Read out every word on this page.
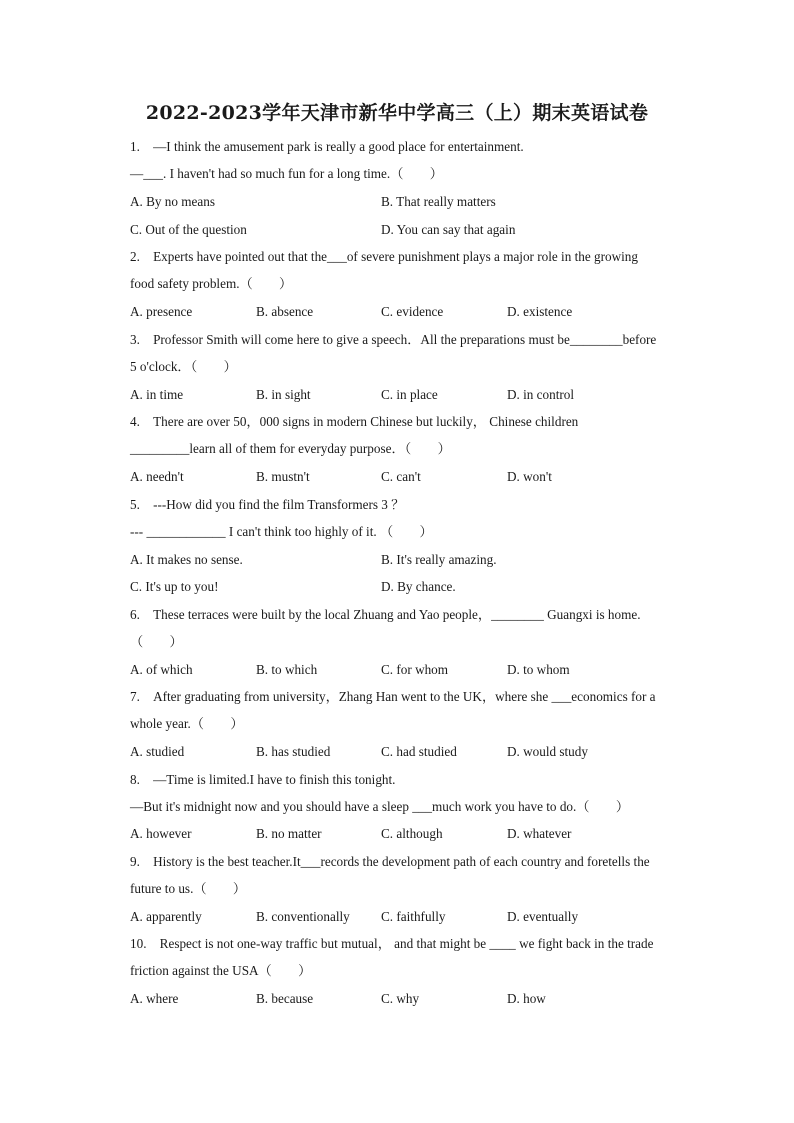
2022-2023学年天津市新华中学高三（上）期末英语试卷
1.　—I think the amusement park is really a good place for entertainment.
—___. I haven't had so much fun for a long time.（　　）
A. By no means	B. That really matters
C. Out of the question	D. You can say that again
2.　Experts have pointed out that the___of severe punishment plays a major role in the growing
food safety problem.（　　）
A. presence	B. absence	C. evidence	D. existence
3.　Professor Smith will come here to give a speech．All the preparations must be________before
5 o'clock．（　　）
A. in time	B. in sight	C. in place	D. in control
4.　There are over 50，000 signs in modern Chinese but luckily， Chinese children
_________learn all of them for everyday purpose．（　　）
A. needn't	B. mustn't	C. can't	D. won't
5.　---How did you find the film Transformers 3 ？
--- ____________ I can't think too highly of it. （　　）
A. It makes no sense.	B. It's really amazing.
C. It's up to you!	D. By chance.
6.　These terraces were built by the local Zhuang and Yao people，________ Guangxi is home.
（　　）
A. of which	B. to which	C. for whom	D. to whom
7.　After graduating from university，Zhang Han went to the UK，where she ___economics for a
whole year.（　　）
A. studied	B. has studied	C. had studied	D. would study
8.　—Time is limited.I have to finish this tonight.
—But it's midnight now and you should have a sleep ___much work you have to do.（　　）
A. however	B. no matter	C. although	D. whatever
9.　History is the best teacher.It___records the development path of each country and foretells the
future to us.（　　）
A. apparently	B. conventionally C. faithfully	D. eventually
10.　Respect is not one-way traffic but mutual， and that might be ____ we fight back in the trade
friction against the USA（　　）
A. where	B. because	C. why	D. how
